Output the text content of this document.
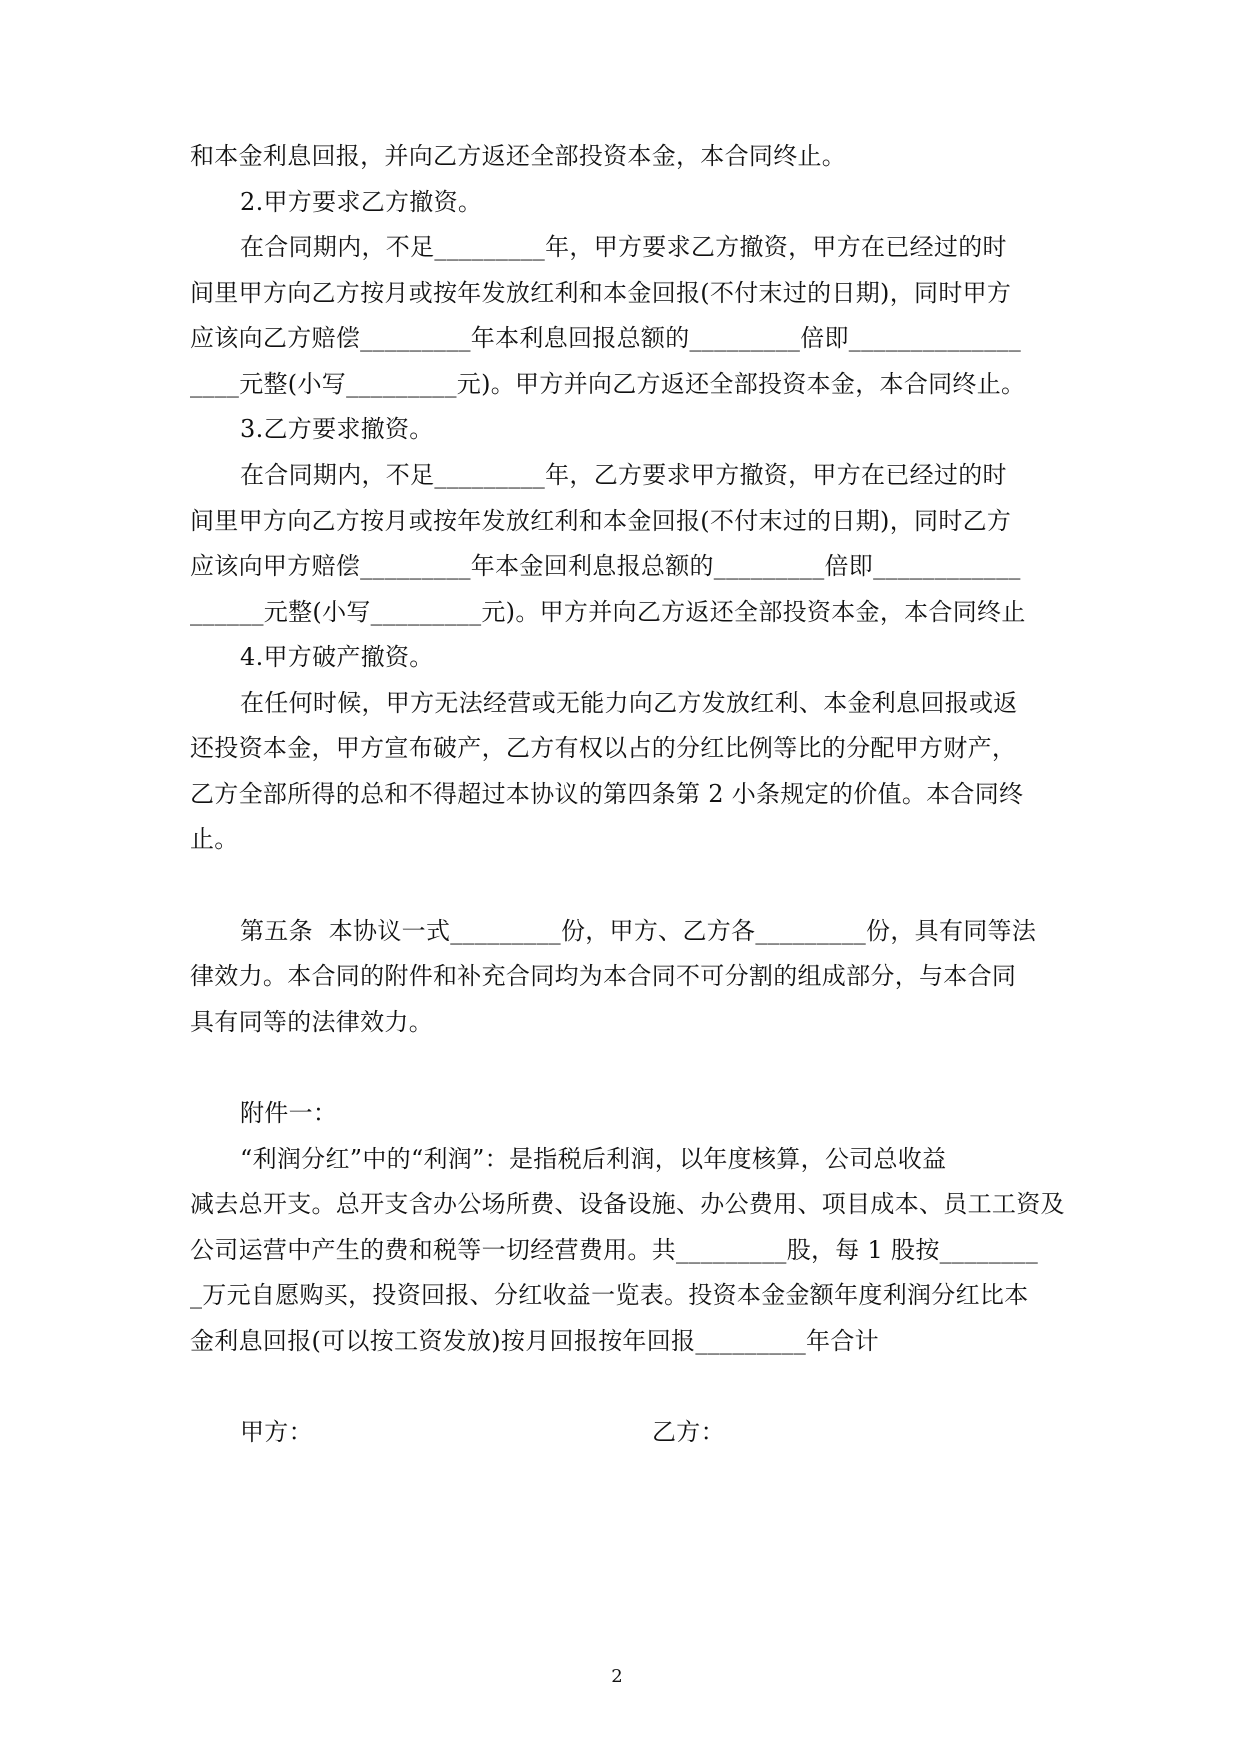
和本金利息回报，并向乙方返还全部投资本金，本合同终止。
2.甲方要求乙方撤资。
在合同期内，不足_________年，甲方要求乙方撤资，甲方在已经过的时
间里甲方向乙方按月或按年发放红利和本金回报(不付末过的日期)，同时甲方
应该向乙方赔偿_________年本利息回报总额的_________倍即______________
____元整(小写_________元)。甲方并向乙方返还全部投资本金，本合同终止。
3.乙方要求撤资。
在合同期内，不足_________年，乙方要求甲方撤资，甲方在已经过的时
间里甲方向乙方按月或按年发放红利和本金回报(不付末过的日期)，同时乙方
应该向甲方赔偿_________年本金回利息报总额的_________倍即____________
______元整(小写_________元)。甲方并向乙方返还全部投资本金，本合同终止
4.甲方破产撤资。
在任何时候，甲方无法经营或无能力向乙方发放红利、本金利息回报或返
还投资本金，甲方宣布破产，乙方有权以占的分红比例等比的分配甲方财产，
乙方全部所得的总和不得超过本协议的第四条第 2 小条规定的价值。本合同终
止。
第五条  本协议一式_________份，甲方、乙方各_________份，具有同等法
律效力。本合同的附件和补充合同均为本合同不可分割的组成部分，与本合同
具有同等的法律效力。
附件一：
“利润分红”中的“利润”：是指税后利润，以年度核算，公司总收益
减去总开支。总开支含办公场所费、设备设施、办公费用、项目成本、员工工资及
公司运营中产生的费和税等一切经营费用。共_________股，每 1 股按________
_万元自愿购买，投资回报、分红收益一览表。投资本金金额年度利润分红比本
金利息回报(可以按工资发放)按月回报按年回报_________年合计
甲方：	乙方：
2
